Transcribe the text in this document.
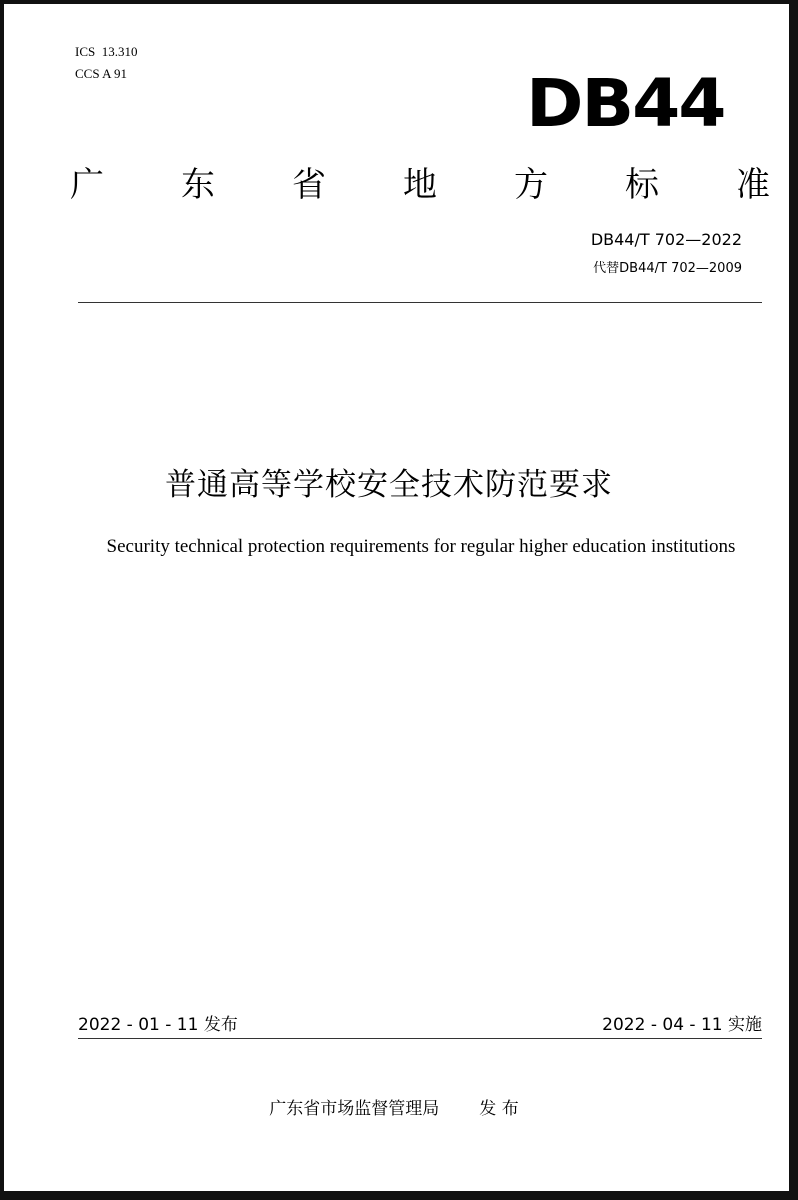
ICS 13.310
CCS A 91	DB44
广 东 省 地 方 标 准
DB44/T 702—2022
代替DB44/T 702—2009
普通高等学校安全技术防范要求
Security technical protection requirements for regular higher education institutions
2022 - 01 - 11 发布	2022 - 04 - 11 实施
广东省市场监督管理局 发 布
